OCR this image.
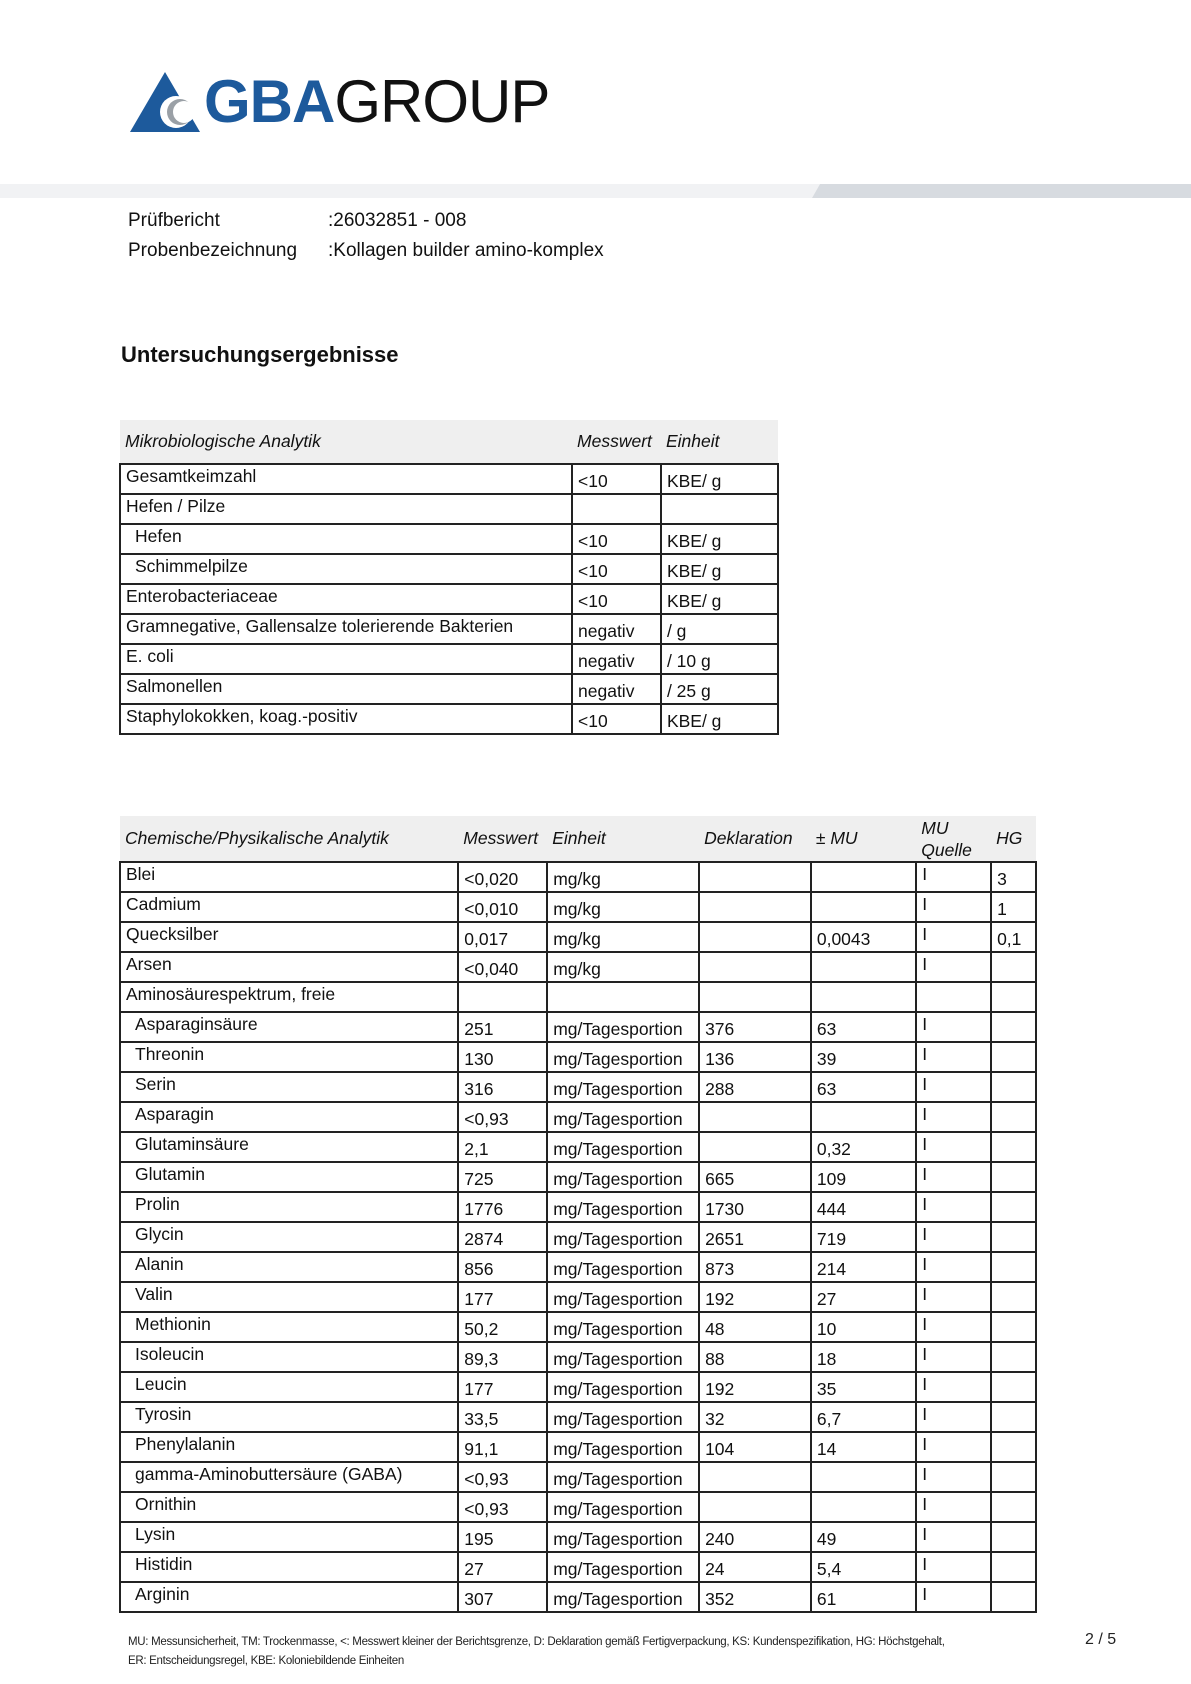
GBAGROUP
Prüfbericht	:26032851 - 008
Probenbezeichnung :Kollagen builder amino-komplex
Untersuchungsergebnisse
Mikrobiologische Analytik	Messwert	Einheit
Gesamtkeimzahl	<10	KBE/ g
Hefen / Pilze		
Hefen	<10	KBE/ g
Schimmelpilze	<10	KBE/ g
Enterobacteriaceae	<10	KBE/ g
Gramnegative, Gallensalze tolerierende Bakterien	negativ	/ g
E. coli	negativ	/ 10 g
Salmonellen	negativ	/ 25 g
Staphylokokken, koag.-positiv	<10	KBE/ g
Chemische/Physikalische Analytik	Messwert	Einheit	Deklaration	± MU	MU Quelle	HG
Blei	<0,020	mg/kg			I	3
Cadmium	<0,010	mg/kg			I	1
Quecksilber	0,017	mg/kg		0,0043	I	0,1
Arsen	<0,040	mg/kg			I	
Aminosäurespektrum, freie						
Asparaginsäure	251	mg/Tagesportion	376	63	I	
Threonin	130	mg/Tagesportion	136	39	I	
Serin	316	mg/Tagesportion	288	63	I	
Asparagin	<0,93	mg/Tagesportion			I	
Glutaminsäure	2,1	mg/Tagesportion		0,32	I	
Glutamin	725	mg/Tagesportion	665	109	I	
Prolin	1776	mg/Tagesportion	1730	444	I	
Glycin	2874	mg/Tagesportion	2651	719	I	
Alanin	856	mg/Tagesportion	873	214	I	
Valin	177	mg/Tagesportion	192	27	I	
Methionin	50,2	mg/Tagesportion	48	10	I	
Isoleucin	89,3	mg/Tagesportion	88	18	I	
Leucin	177	mg/Tagesportion	192	35	I	
Tyrosin	33,5	mg/Tagesportion	32	6,7	I	
Phenylalanin	91,1	mg/Tagesportion	104	14	I	
gamma-Aminobuttersäure (GABA)	<0,93	mg/Tagesportion			I	
Ornithin	<0,93	mg/Tagesportion			I	
Lysin	195	mg/Tagesportion	240	49	I	
Histidin	27	mg/Tagesportion	24	5,4	I	
Arginin	307	mg/Tagesportion	352	61	I	
MU: Messunsicherheit, TM: Trockenmasse, <: Messwert kleiner der Berichtsgrenze, D: Deklaration gemäß Fertigverpackung, KS: Kundenspezifikation, HG: Höchstgehalt,
ER: Entscheidungsregel, KBE: Koloniebildende Einheiten
2 / 5
